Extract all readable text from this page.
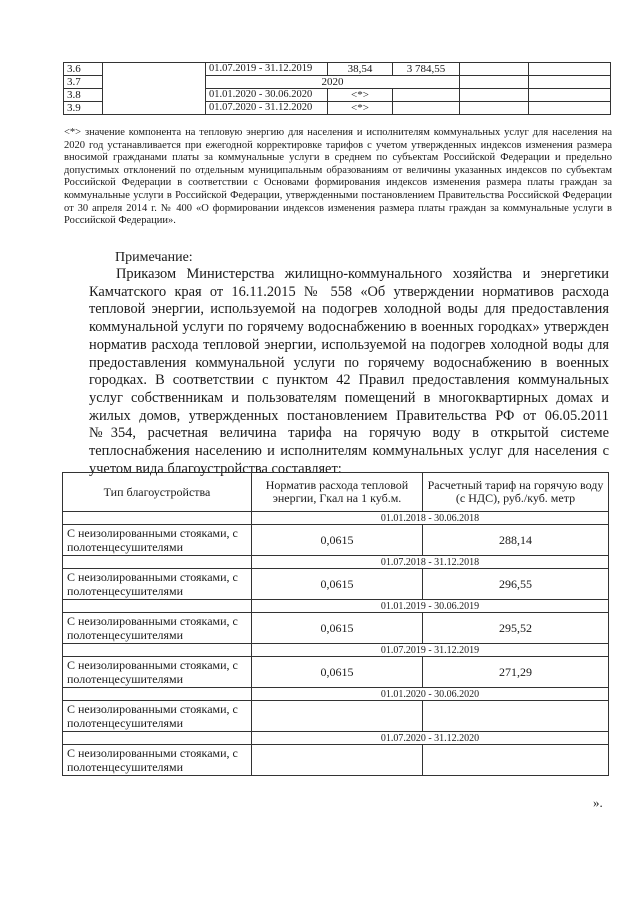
3.6		01.07.2019 - 31.12.2019	38,54	3 784,55		
3.7		2020				
3.8		01.01.2020 - 30.06.2020	<*>			
3.9		01.07.2020 - 31.12.2020	<*>			
<*> значение компонента на тепловую энергию для населения и исполнителям коммунальных услуг для населения на 2020 год устанавливается при ежегодной корректировке тарифов с учетом утвержденных индексов изменения размера вносимой гражданами платы за коммунальные услуги в среднем по субъектам Российской Федерации и предельно допустимых отклонений по отдельным муниципальным образованиям от величины указанных индексов по субъектам Российской Федерации в соответствии с Основами формирования индексов изменения размера платы граждан за коммунальные услуги в Российской Федерации, утвержденными постановлением Правительства Российской Федерации от 30 апреля 2014 г. № 400 «О формировании индексов изменения размера платы граждан за коммунальные услуги в Российской Федерации».
Примечание:
Приказом Министерства жилищно-коммунального хозяйства и энергетики Камчатского края от 16.11.2015 № 558 «Об утверждении нормативов расхода тепловой энергии, используемой на подогрев холодной воды для предоставления коммунальной услуги по горячему водоснабжению в военных городках» утвержден норматив расхода тепловой энергии, используемой на подогрев холодной воды для предоставления коммунальной услуги по горячему водоснабжению в военных городках. В соответствии с пунктом 42 Правил предоставления коммунальных услуг собственникам и пользователям помещений в многоквартирных домах и жилых домов, утвержденных постановлением Правительства РФ от 06.05.2011 №354, расчетная величина тарифа на горячую воду в открытой системе теплоснабжения населению и исполнителям коммунальных услуг для населения с учетом вида благоустройства составляет:
Тип благоустройства	Норматив расхода тепловой энергии, Гкал на 1 куб.м.	Расчетный тариф на горячую воду (с НДС), руб./куб. метр
	01.01.2018 - 30.06.2018	
С неизолированными стояками, с полотенцесушителями	0,0615	288,14
	01.07.2018 - 31.12.2018	
С неизолированными стояками, с полотенцесушителями	0,0615	296,55
	01.01.2019 - 30.06.2019	
С неизолированными стояками, с полотенцесушителями	0,0615	295,52
	01.07.2019 - 31.12.2019	
С неизолированными стояками, с полотенцесушителями	0,0615	271,29
	01.01.2020 - 30.06.2020	
С неизолированными стояками, с полотенцесушителями		
	01.07.2020 - 31.12.2020	
С неизолированными стояками, с полотенцесушителями		
».
